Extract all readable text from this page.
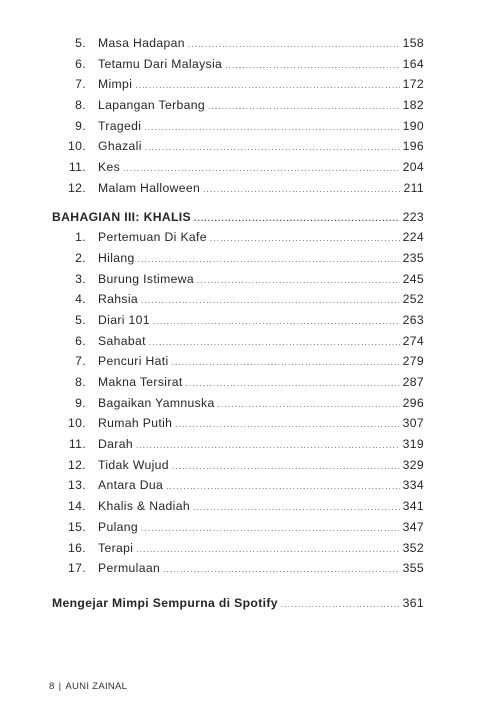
5. Masa Hadapan .....	158
6. Tetamu Dari Malaysia .....	164
7. Mimpi .....	172
8. Lapangan Terbang .....	182
9. Tragedi .....	190
10. Ghazali .....	196
11. Kes .....	204
12. Malam Halloween .....	211
BAHAGIAN III: KHALIS .....	223
1. Pertemuan Di Kafe .....	224
2. Hilang .....	235
3. Burung Istimewa .....	245
4. Rahsia .....	252
5. Diari 101 .....	263
6. Sahabat .....	274
7. Pencuri Hati .....	279
8. Makna Tersirat .....	287
9. Bagaikan Yamnuska .....	296
10. Rumah Putih .....	307
11. Darah .....	319
12. Tidak Wujud .....	329
13. Antara Dua .....	334
14. Khalis & Nadiah .....	341
15. Pulang .....	347
16. Terapi .....	352
17. Permulaan .....	355
Mengejar Mimpi Sempurna di Spotify .....	361
8 | AUNI ZAINAL
